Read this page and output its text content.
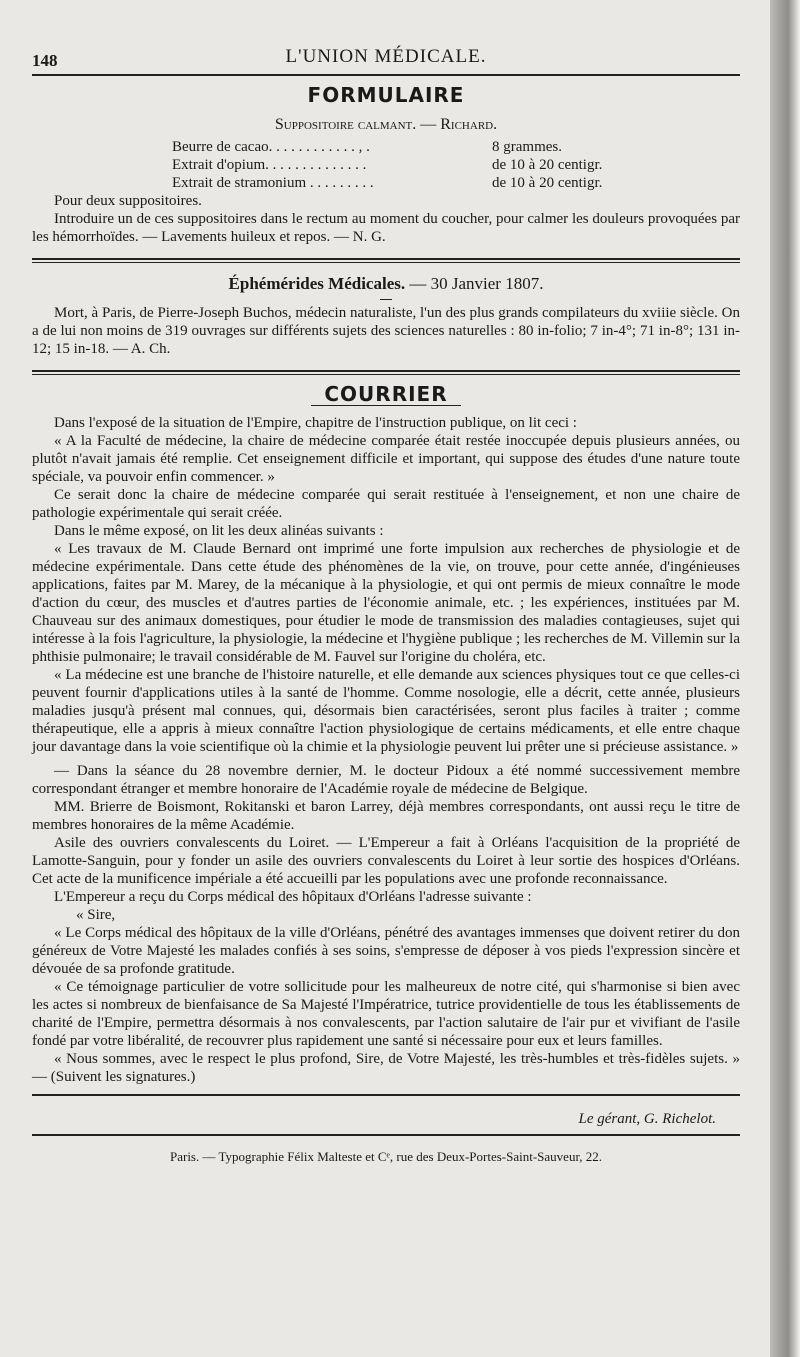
148	L'UNION MÉDICALE.
FORMULAIRE
Suppositoire calmant. — Richard.
Beurre de cacao. . . . . . . . . . . . , .	8 grammes.
Extrait d'opium. . . . . . . . . . . . . .	de 10 à 20 centigr.
Extrait de stramonium . . . . . . . . .	de 10 à 20 centigr.

Pour deux suppositoires.

Introduire un de ces suppositoires dans le rectum au moment du coucher, pour calmer les douleurs provoquées par les hémorrhoïdes. — Lavements huileux et repos. — N. G.

Éphémérides Médicales. — 30 Janvier 1807.

Mort, à Paris, de Pierre-Joseph Buchos, médecin naturaliste, l'un des plus grands compilateurs du xviiie siècle. On a de lui non moins de 319 ouvrages sur différents sujets des sciences naturelles : 80 in-folio; 7 in-4°; 71 in-8°; 131 in-12; 15 in-18. — A. Ch.

COURRIER

Dans l'exposé de la situation de l'Empire, chapitre de l'instruction publique, on lit ceci :

« A la Faculté de médecine, la chaire de médecine comparée était restée inoccupée depuis plusieurs années, ou plutôt n'avait jamais été remplie. Cet enseignement difficile et important, qui suppose des études d'une nature toute spéciale, va pouvoir enfin commencer. »

Ce serait donc la chaire de médecine comparée qui serait restituée à l'enseignement, et non une chaire de pathologie expérimentale qui serait créée.

Dans le même exposé, on lit les deux alinéas suivants :

« Les travaux de M. Claude Bernard ont imprimé une forte impulsion aux recherches de physiologie et de médecine expérimentale. Dans cette étude des phénomènes de la vie, on trouve, pour cette année, d'ingénieuses applications, faites par M. Marey, de la mécanique à la physiologie, et qui ont permis de mieux connaître le mode d'action du cœur, des muscles et d'autres parties de l'économie animale, etc. ; les expériences, instituées par M. Chauveau sur des animaux domestiques, pour étudier le mode de transmission des maladies contagieuses, sujet qui intéresse à la fois l'agriculture, la physiologie, la médecine et l'hygiène publique ; les recherches de M. Villemin sur la phthisie pulmonaire; le travail considérable de M. Fauvel sur l'origine du choléra, etc.

« La médecine est une branche de l'histoire naturelle, et elle demande aux sciences physiques tout ce que celles-ci peuvent fournir d'applications utiles à la santé de l'homme. Comme nosologie, elle a décrit, cette année, plusieurs maladies jusqu'à présent mal connues, qui, désormais bien caractérisées, seront plus faciles à traiter ; comme thérapeutique, elle a appris à mieux connaître l'action physiologique de certains médicaments, et elle entre chaque jour davantage dans la voie scientifique où la chimie et la physiologie peuvent lui prêter une si précieuse assistance. »

— Dans la séance du 28 novembre dernier, M. le docteur Pidoux a été nommé successivement membre correspondant étranger et membre honoraire de l'Académie royale de médecine de Belgique.

MM. Brierre de Boismont, Rokitanski et baron Larrey, déjà membres correspondants, ont aussi reçu le titre de membres honoraires de la même Académie.

Asile des ouvriers convalescents du Loiret. — L'Empereur a fait à Orléans l'acquisition de la propriété de Lamotte-Sanguin, pour y fonder un asile des ouvriers convalescents du Loiret à leur sortie des hospices d'Orléans. Cet acte de la munificence impériale a été accueilli par les populations avec une profonde reconnaissance.

L'Empereur a reçu du Corps médical des hôpitaux d'Orléans l'adresse suivante :

« Sire,

« Le Corps médical des hôpitaux de la ville d'Orléans, pénétré des avantages immenses que doivent retirer du don généreux de Votre Majesté les malades confiés à ses soins, s'empresse de déposer à vos pieds l'expression sincère et dévouée de sa profonde gratitude.

« Ce témoignage particulier de votre sollicitude pour les malheureux de notre cité, qui s'harmonise si bien avec les actes si nombreux de bienfaisance de Sa Majesté l'Impératrice, tutrice providentielle de tous les établissements de charité de l'Empire, permettra désormais à nos convalescents, par l'action salutaire de l'air pur et vivifiant de l'asile fondé par votre libéralité, de recouvrer plus rapidement une santé si nécessaire pour eux et leurs familles.

« Nous sommes, avec le respect le plus profond, Sire, de Votre Majesté, les très-humbles et très-fidèles sujets. » — (Suivent les signatures.)

Le gérant, G. Richelot.
Paris. — Typographie Félix Malteste et Cᵉ, rue des Deux-Portes-Saint-Sauveur, 22.
